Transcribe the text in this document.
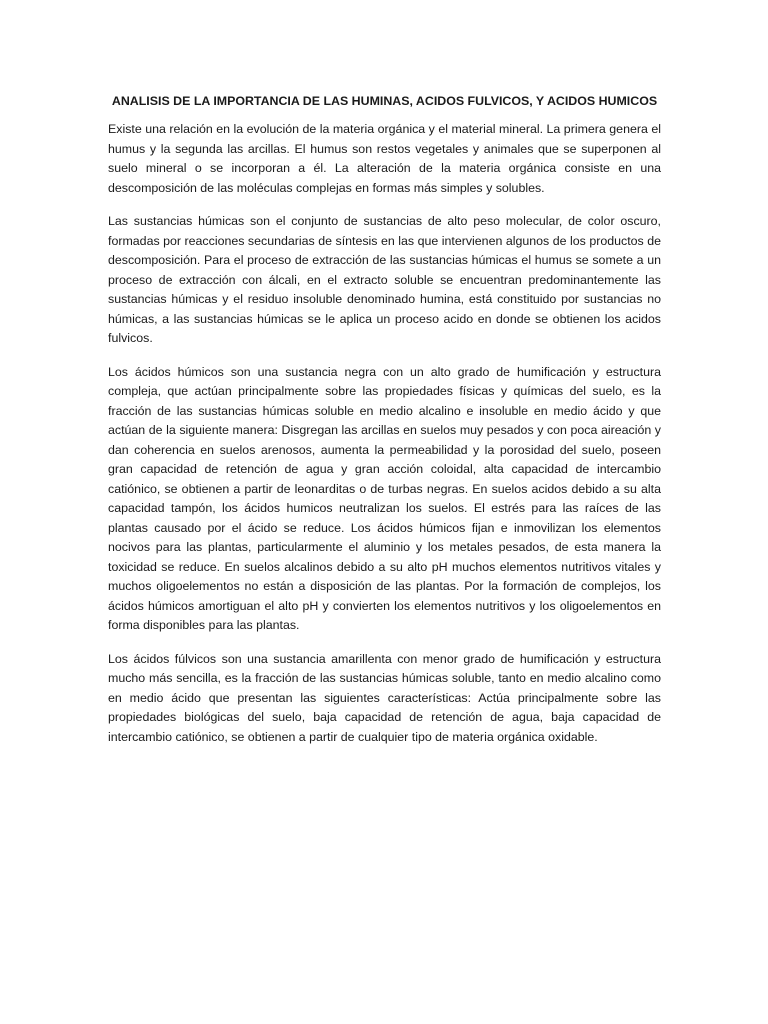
ANALISIS DE LA IMPORTANCIA DE LAS HUMINAS, ACIDOS FULVICOS, Y ACIDOS HUMICOS

Existe una relación en la evolución de la materia orgánica y el material mineral. La primera genera el humus y la segunda las arcillas. El humus son restos vegetales y animales que se superponen al suelo mineral o se incorporan a él. La alteración de la materia orgánica consiste en una descomposición de las moléculas complejas en formas más simples y solubles.

Las sustancias húmicas son el conjunto de sustancias de alto peso molecular, de color oscuro, formadas por reacciones secundarias de síntesis en las que intervienen algunos de los productos de descomposición. Para el proceso de extracción de las sustancias húmicas el humus se somete a un proceso de extracción con álcali, en el extracto soluble se encuentran predominantemente las sustancias húmicas y el residuo insoluble denominado humina, está constituido por sustancias no húmicas, a las sustancias húmicas se le aplica un proceso acido en donde se obtienen los acidos fulvicos.

Los ácidos húmicos son una sustancia negra con un alto grado de humificación y estructura compleja, que actúan principalmente sobre las propiedades físicas y químicas del suelo, es la fracción de las sustancias húmicas soluble en medio alcalino e insoluble en medio ácido y que actúan de la siguiente manera: Disgregan las arcillas en suelos muy pesados y con poca aireación y dan coherencia en suelos arenosos, aumenta la permeabilidad y la porosidad del suelo, poseen gran capacidad de retención de agua y gran acción coloidal, alta capacidad de intercambio catiónico, se obtienen a partir de leonarditas o de turbas negras. En suelos acidos debido a su alta capacidad tampón, los ácidos humicos neutralizan los suelos. El estrés para las raíces de las plantas causado por el ácido se reduce. Los ácidos húmicos fijan e inmovilizan los elementos nocivos para las plantas, particularmente el aluminio y los metales pesados, de esta manera la toxicidad se reduce. En suelos alcalinos debido a su alto pH muchos elementos nutritivos vitales y muchos oligoelementos no están a disposición de las plantas. Por la formación de complejos, los ácidos húmicos amortiguan el alto pH y convierten los elementos nutritivos y los oligoelementos en forma disponibles para las plantas.

Los ácidos fúlvicos son una sustancia amarillenta con menor grado de humificación y estructura mucho más sencilla, es la fracción de las sustancias húmicas soluble, tanto en medio alcalino como en medio ácido que presentan las siguientes características: Actúa principalmente sobre las propiedades biológicas del suelo, baja capacidad de retención de agua, baja capacidad de intercambio catiónico, se obtienen a partir de cualquier tipo de materia orgánica oxidable.
